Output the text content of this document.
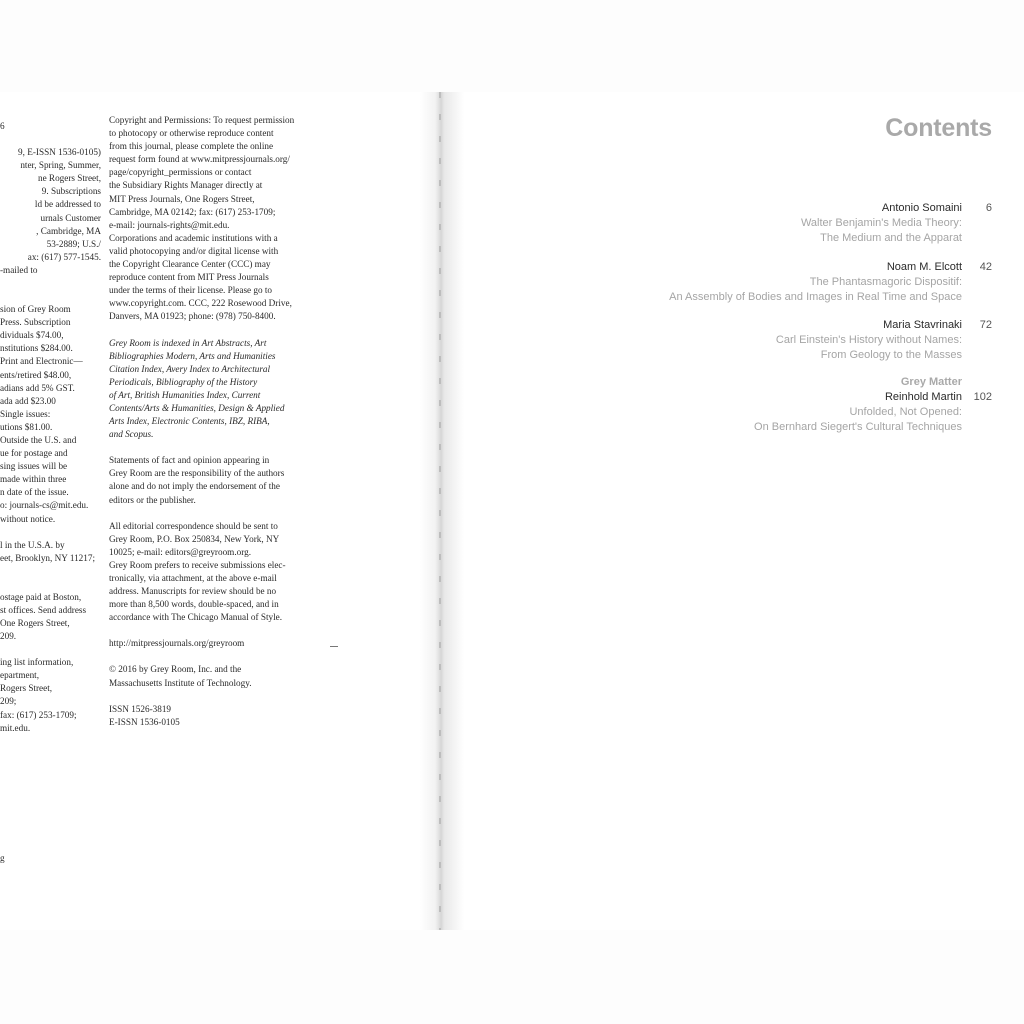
6
9, E-ISSN 1536-0105)
nter, Spring, Summer,
ne Rogers Street,
9. Subscriptions
ld be addressed to
urnals Customer
, Cambridge, MA
53-2889; U.S./
ax: (617) 577-1545.
-mailed to
sion of Grey Room
Press. Subscription
dividuals $74.00,
nstitutions $284.00.
Print and Electronic—
ents/retired $48.00,
adians add 5% GST.
ada add $23.00
Single issues:
utions $81.00.
Outside the U.S. and
ue for postage and
sing issues will be
made within three
n date of the issue.
o: journals-cs@mit.edu.
without notice.
l in the U.S.A. by
eet, Brooklyn, NY 11217;
ostage paid at Boston,
st offices. Send address
One Rogers Street,
209.
ing list information,
epartment,
Rogers Street,
209;
fax: (617) 253-1709;
mit.edu.
g
Copyright and Permissions: To request permission
to photocopy or otherwise reproduce content
from this journal, please complete the online
request form found at www.mitpressjournals.org/
page/copyright_permissions or contact
the Subsidiary Rights Manager directly at
MIT Press Journals, One Rogers Street,
Cambridge, MA 02142; fax: (617) 253-1709;
e-mail: journals-rights@mit.edu.
Corporations and academic institutions with a
valid photocopying and/or digital license with
the Copyright Clearance Center (CCC) may
reproduce content from MIT Press Journals
under the terms of their license. Please go to
www.copyright.com. CCC, 222 Rosewood Drive,
Danvers, MA 01923; phone: (978) 750-8400.
Grey Room is indexed in Art Abstracts, Art
Bibliographies Modern, Arts and Humanities
Citation Index, Avery Index to Architectural
Periodicals, Bibliography of the History
of Art, British Humanities Index, Current
Contents/Arts & Humanities, Design & Applied
Arts Index, Electronic Contents, IBZ, RIBA,
and Scopus.
Statements of fact and opinion appearing in
Grey Room are the responsibility of the authors
alone and do not imply the endorsement of the
editors or the publisher.
All editorial correspondence should be sent to
Grey Room, P.O. Box 250834, New York, NY
10025; e-mail: editors@greyroom.org.
Grey Room prefers to receive submissions elec-
tronically, via attachment, at the above e-mail
address. Manuscripts for review should be no
more than 8,500 words, double-spaced, and in
accordance with The Chicago Manual of Style.
http://mitpressjournals.org/greyroom
© 2016 by Grey Room, Inc. and the
Massachusetts Institute of Technology.
ISSN 1526-3819
E-ISSN 1536-0105
Contents
Antonio Somaini 6
Walter Benjamin's Media Theory:
The Medium and the Apparat
Noam M. Elcott 42
The Phantasmagoric Dispositif:
An Assembly of Bodies and Images in Real Time and Space
Maria Stavrinaki 72
Carl Einstein's History without Names:
From Geology to the Masses
Grey Matter
Reinhold Martin 102
Unfolded, Not Opened:
On Bernhard Siegert's Cultural Techniques
